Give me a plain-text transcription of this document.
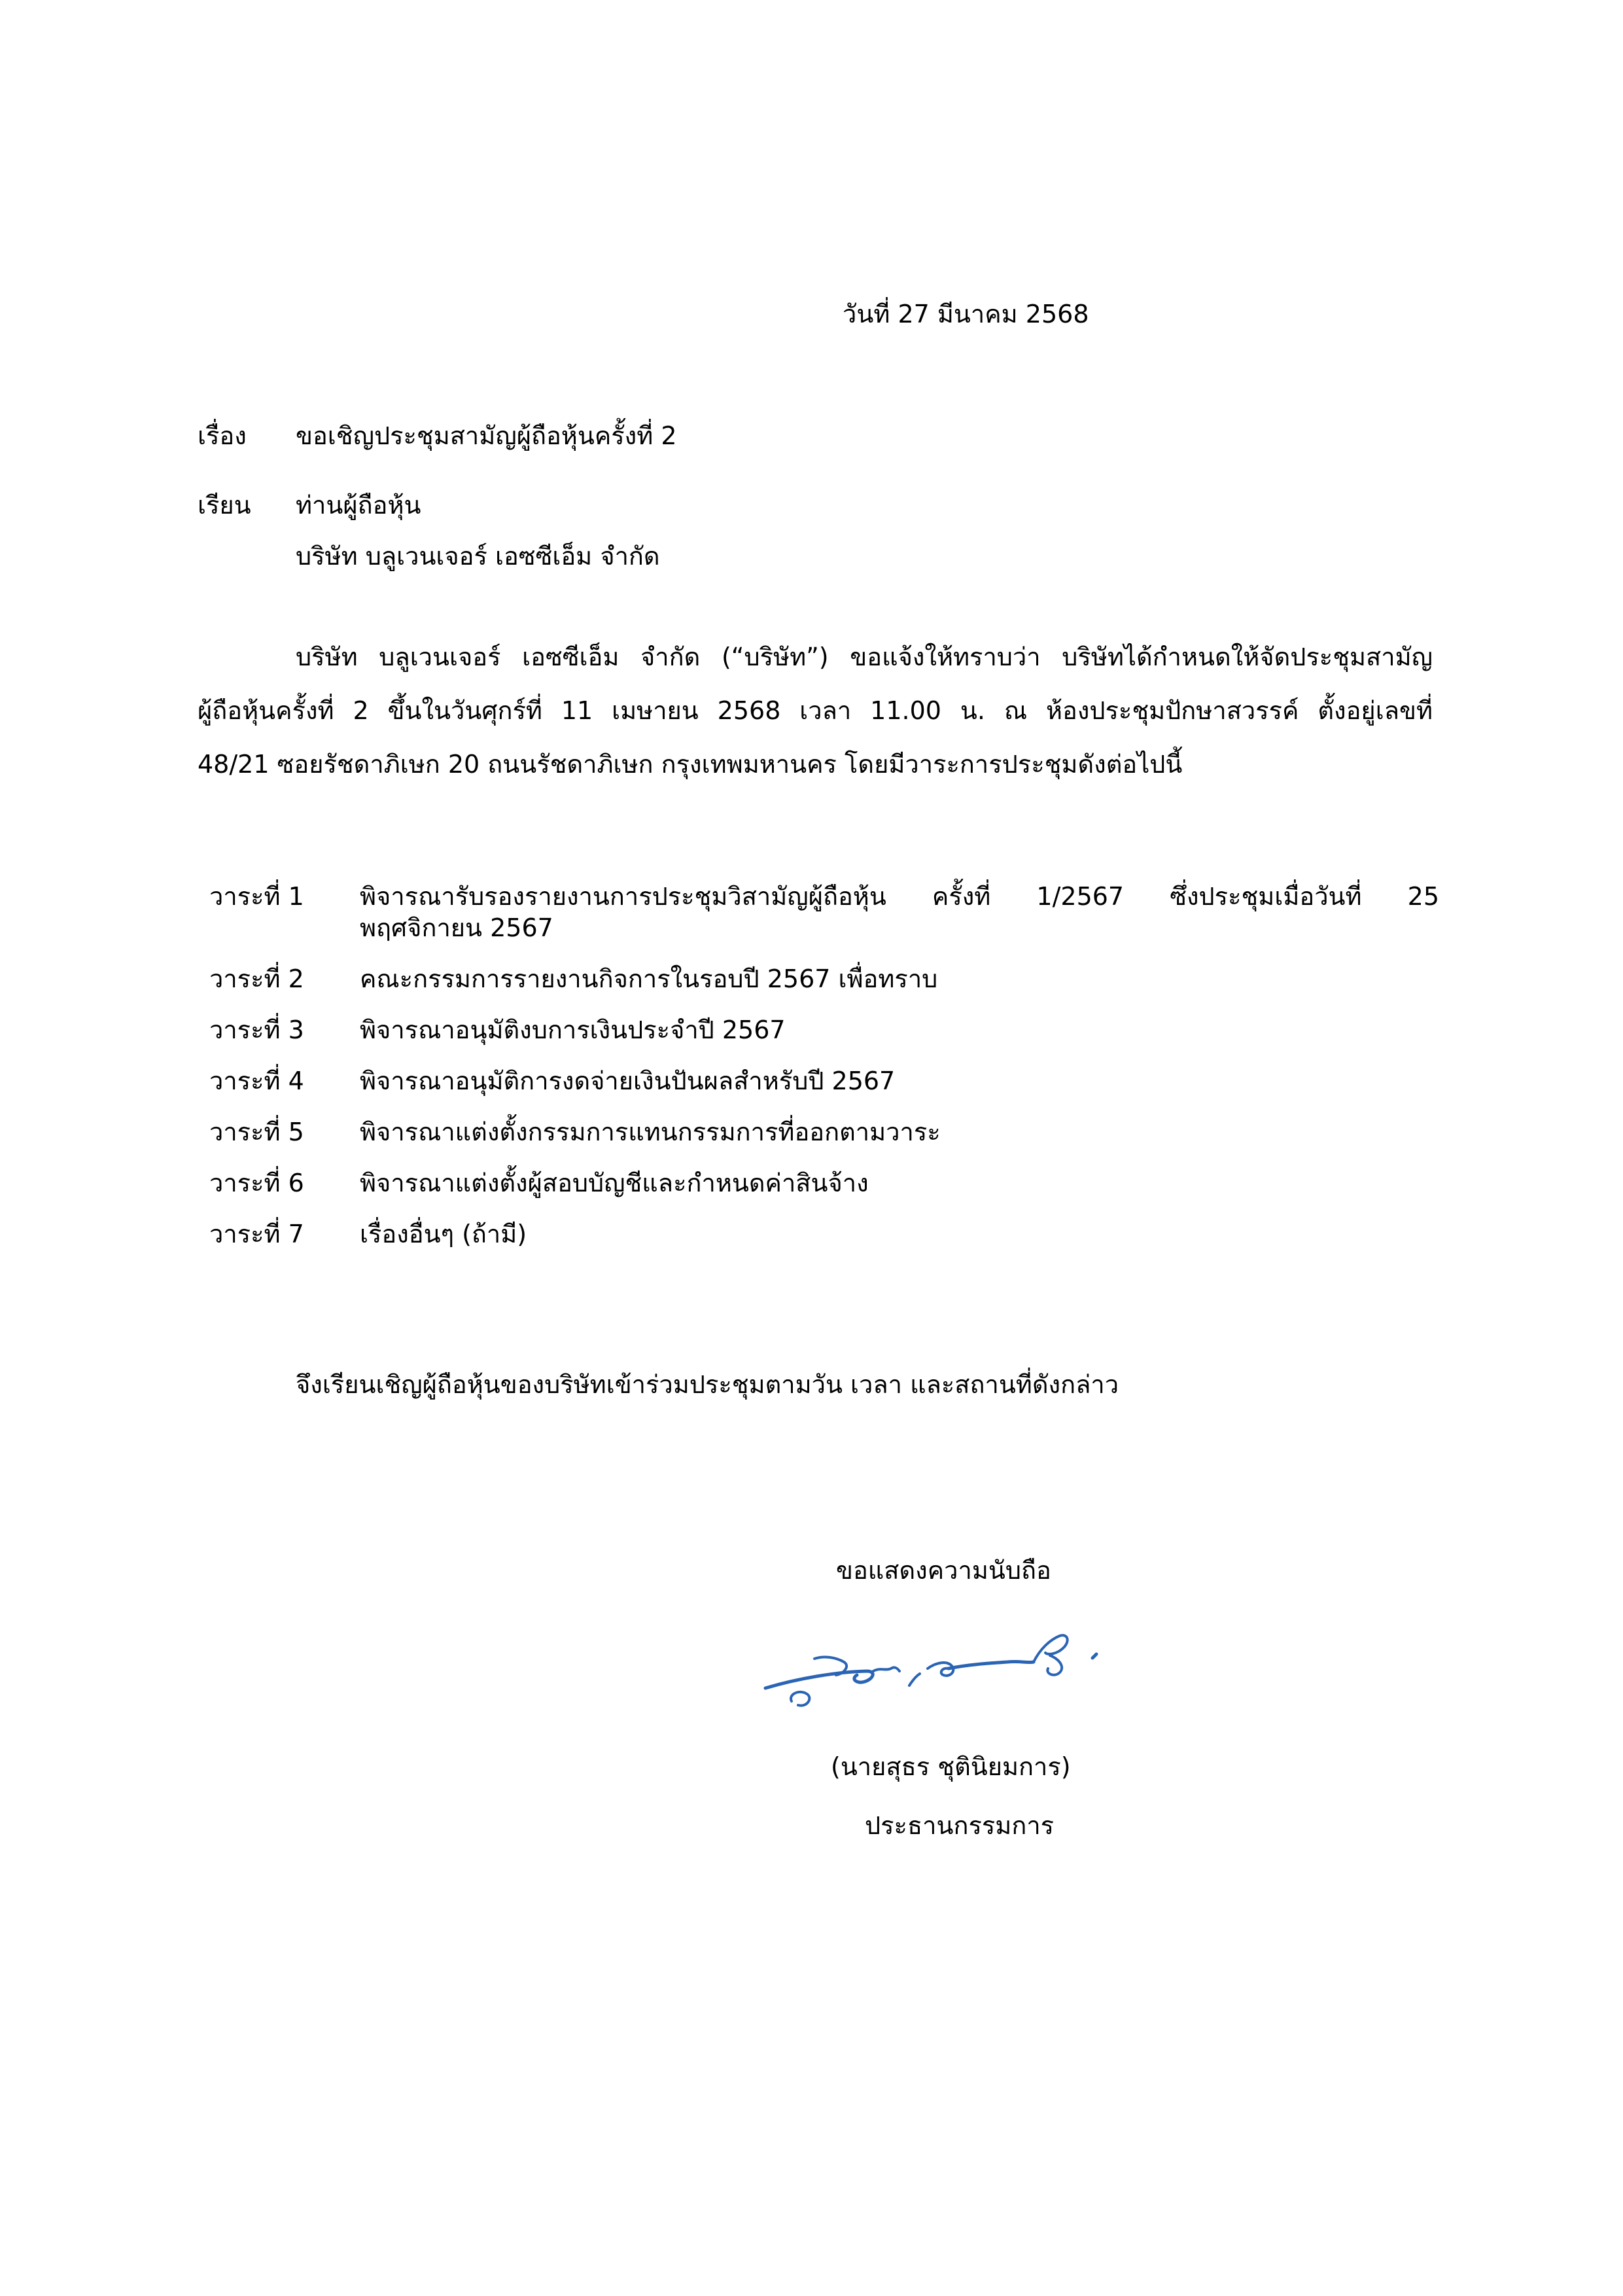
วันที่ 27 มีนาคม 2568
เรื่อง ขอเชิญประชุมสามัญผู้ถือหุ้นครั้งที่ 2
เรียน ท่านผู้ถือหุ้น
บริษัท บลูเวนเจอร์ เอซซีเอ็ม จำกัด
บริษัท บลูเวนเจอร์ เอซซีเอ็ม จำกัด (“บริษัท”) ขอแจ้งให้ทราบว่า บริษัทได้กำหนดให้จัดประชุมสามัญ
ผู้ถือหุ้นครั้งที่ 2 ขึ้นในวันศุกร์ที่ 11 เมษายน 2568 เวลา 11.00 น. ณ ห้องประชุมปักษาสวรรค์ ตั้งอยู่เลขที่
48/21 ซอยรัชดาภิเษก 20 ถนนรัชดาภิเษก กรุงเทพมหานคร โดยมีวาระการประชุมดังต่อไปนี้
วาระที่ 1 พิจารณารับรองรายงานการประชุมวิสามัญผู้ถือหุ้น ครั้งที่ 1/2567 ซึ่งประชุมเมื่อวันที่ 25
พฤศจิกายน 2567
วาระที่ 2 คณะกรรมการรายงานกิจการในรอบปี 2567 เพื่อทราบ
วาระที่ 3 พิจารณาอนุมัติงบการเงินประจำปี 2567
วาระที่ 4 พิจารณาอนุมัติการงดจ่ายเงินปันผลสำหรับปี 2567
วาระที่ 5 พิจารณาแต่งตั้งกรรมการแทนกรรมการที่ออกตามวาระ
วาระที่ 6 พิจารณาแต่งตั้งผู้สอบบัญชีและกำหนดค่าสินจ้าง
วาระที่ 7 เรื่องอื่นๆ (ถ้ามี)
จึงเรียนเชิญผู้ถือหุ้นของบริษัทเข้าร่วมประชุมตามวัน เวลา และสถานที่ดังกล่าว
ขอแสดงความนับถือ
(นายสุธร ชุตินิยมการ)
ประธานกรรมการ
